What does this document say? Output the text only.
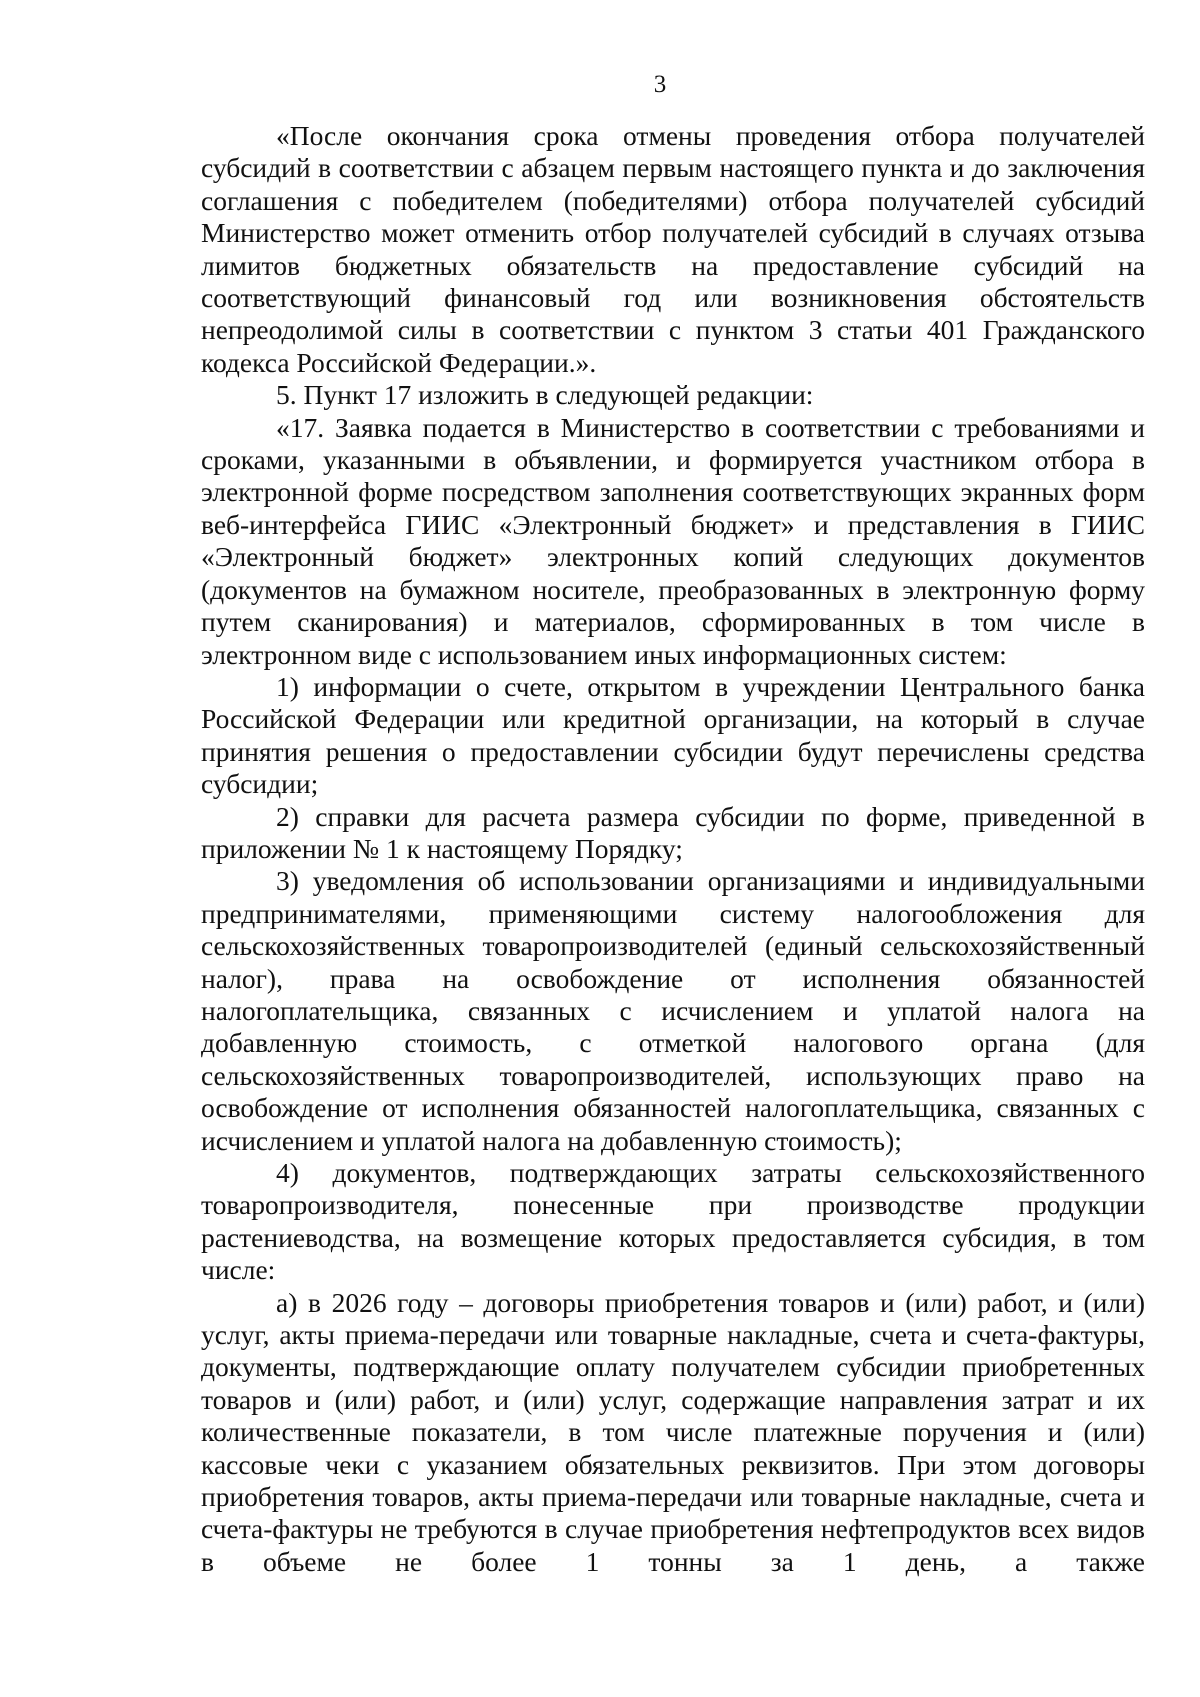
3

«После окончания срока отмены проведения отбора получателей субсидий в соответствии с абзацем первым настоящего пункта и до заключения соглашения с победителем (победителями) отбора получателей субсидий Министерство может отменить отбор получателей субсидий в случаях отзыва лимитов бюджетных обязательств на предоставление субсидий на соответствующий финансовый год или возникновения обстоятельств непреодолимой силы в соответствии с пунктом 3 статьи 401 Гражданского кодекса Российской Федерации.».

5. Пункт 17 изложить в следующей редакции:

«17. Заявка подается в Министерство в соответствии с требованиями и сроками, указанными в объявлении, и формируется участником отбора в электронной форме посредством заполнения соответствующих экранных форм веб-интерфейса ГИИС «Электронный бюджет» и представления в ГИИС «Электронный бюджет» электронных копий следующих документов (документов на бумажном носителе, преобразованных в электронную форму путем сканирования) и материалов, сформированных в том числе в электронном виде с использованием иных информационных систем:

1) информации о счете, открытом в учреждении Центрального банка Российской Федерации или кредитной организации, на который в случае принятия решения о предоставлении субсидии будут перечислены средства субсидии;

2) справки для расчета размера субсидии по форме, приведенной в приложении № 1 к настоящему Порядку;

3) уведомления об использовании организациями и индивидуальными предпринимателями, применяющими систему налогообложения для сельскохозяйственных товаропроизводителей (единый сельскохозяйственный налог), права на освобождение от исполнения обязанностей налогоплательщика, связанных с исчислением и уплатой налога на добавленную стоимость, с отметкой налогового органа (для сельскохозяйственных товаропроизводителей, использующих право на освобождение от исполнения обязанностей налогоплательщика, связанных с исчислением и уплатой налога на добавленную стоимость);

4) документов, подтверждающих затраты сельскохозяйственного товаропроизводителя, понесенные при производстве продукции растениеводства, на возмещение которых предоставляется субсидия, в том числе:

а) в 2026 году – договоры приобретения товаров и (или) работ, и (или) услуг, акты приема-передачи или товарные накладные, счета и счета-фактуры, документы, подтверждающие оплату получателем субсидии приобретенных товаров и (или) работ, и (или) услуг, содержащие направления затрат и их количественные показатели, в том числе платежные поручения и (или) кассовые чеки с указанием обязательных реквизитов. При этом договоры приобретения товаров, акты приема-передачи или товарные накладные, счета и счета-фактуры не требуются в случае приобретения нефтепродуктов всех видов в объеме не более 1 тонны за 1 день, а также
